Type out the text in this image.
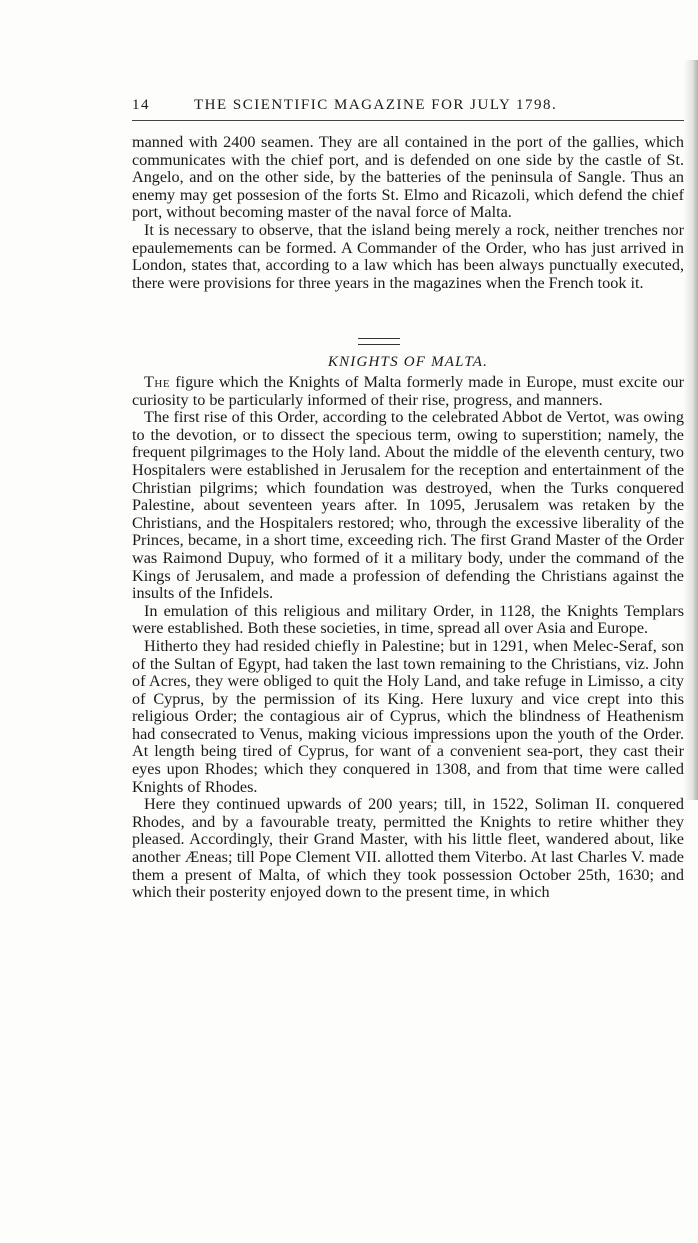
14	THE SCIENTIFIC MAGAZINE FOR JULY 1798.

manned with 2400 seamen. They are all contained in the port of the gallies, which communicates with the chief port, and is defended on one side by the castle of St. Angelo, and on the other side, by the batteries of the peninsula of Sangle. Thus an enemy may get possesion of the forts St. Elmo and Ricazoli, which defend the chief port, without becoming master of the naval force of Malta.

It is necessary to observe, that the island being merely a rock, neither trenches nor epaulemements can be formed. A Commander of the Order, who has just arrived in London, states that, according to a law which has been always punctually executed, there were provisions for three years in the magazines when the French took it.

KNIGHTS OF MALTA.

The figure which the Knights of Malta formerly made in Europe, must excite our curiosity to be particularly informed of their rise, progress, and manners.

The first rise of this Order, according to the celebrated Abbot de Vertot, was owing to the devotion, or to dissect the specious term, owing to superstition; namely, the frequent pilgrimages to the Holy land. About the middle of the eleventh century, two Hospitalers were established in Jerusalem for the reception and entertainment of the Christian pilgrims; which foundation was destroyed, when the Turks conquered Palestine, about seventeen years after. In 1095, Jerusalem was retaken by the Christians, and the Hospitalers restored; who, through the excessive liberality of the Princes, became, in a short time, exceeding rich. The first Grand Master of the Order was Raimond Dupuy, who formed of it a military body, under the command of the Kings of Jerusalem, and made a profession of defending the Christians against the insults of the Infidels.

In emulation of this religious and military Order, in 1128, the Knights Templars were established. Both these societies, in time, spread all over Asia and Europe.

Hitherto they had resided chiefly in Palestine; but in 1291, when Melec-Seraf, son of the Sultan of Egypt, had taken the last town remaining to the Christians, viz. John of Acres, they were obliged to quit the Holy Land, and take refuge in Limisso, a city of Cyprus, by the permission of its King. Here luxury and vice crept into this religious Order; the contagious air of Cyprus, which the blindness of Heathenism had consecrated to Venus, making vicious impressions upon the youth of the Order. At length being tired of Cyprus, for want of a convenient sea-port, they cast their eyes upon Rhodes; which they conquered in 1308, and from that time were called Knights of Rhodes.

Here they continued upwards of 200 years; till, in 1522, Soliman II. conquered Rhodes, and by a favourable treaty, permitted the Knights to retire whither they pleased. Accordingly, their Grand Master, with his little fleet, wandered about, like another Æneas; till Pope Clement VII. allotted them Viterbo. At last Charles V. made them a present of Malta, of which they took possession October 25th, 1630; and which their posterity enjoyed down to the present time, in which
